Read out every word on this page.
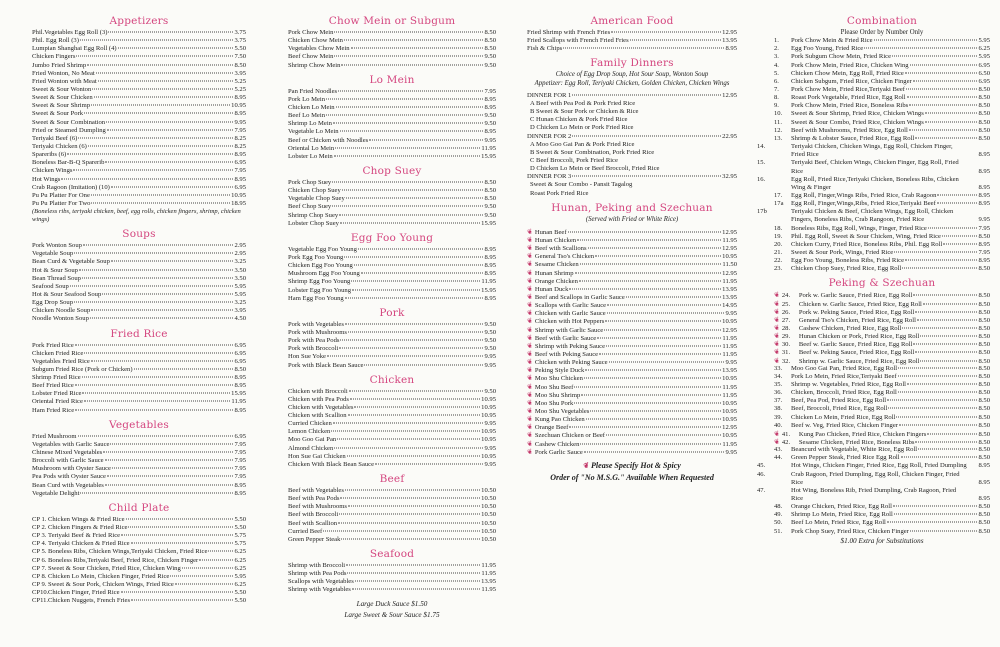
Appetizers
Phil.Vegetables Egg Roll (3)	3.75
Phil. Egg Roll (3)	3.75
Lumpian Shanghai Egg Roll (4)	5.50
Chicken Fingers	7.50
Jumbo Fried Shrimp	8.50
Fried Wonton, No Meat	3.95
Fried Wonton with Meat	5.25
Sweet & Sour Wonton	5.25
Sweet & Sour Chicken	8.95
Sweet & Sour Shrimp	10.95
Sweet & Sour Pork	8.95
Sweet & Sour Combination	9.95
Fried or Steamed Dumpling	7.95
Teriyaki Beef (6)	8.25
Teriyaki Chicken (6)	8.25
Spareribs (6)	8.95
Boneless Bar-B-Q Sparerib	6.95
Chicken Wings	7.95
Hot Wings	8.95
Crab Ragoon (Imitation) (10)	6.95
Pu Pu Platter For One	10.95
Pu Pu Platter For Two	18.95
(Boneless ribs, teriyaki chicken, beef, egg rolls, chicken fingers, shrimp, chicken wings)
Soups
Pork Wonton Soup	2.95
Vegetable Soup	2.95
Bean Curd & Vegetable Soup	3.25
Hot & Sour Soup	3.50
Bean Thread Soup	3.50
Seafood Soup	5.95
Hot & Sour Seafood Soup	5.95
Egg Drop Soup	3.25
Chicken Noodle Soup	3.95
Noodle Wonton Soup	4.50
Fried Rice
Pork Fried Rice	6.95
Chicken Fried Rice	6.95
Vegetables Fried Rice	6.95
Subgum Fried Rice (Pork or Chicken)	8.50
Shrimp Fried Rice	8.95
Beef Fried Rice	8.95
Lobster Fried Rice	15.95
Oriental Fried Rice	11.95
Ham Fried Rice	8.95
Vegetables
Fried Mushroom	6.95
Vegetables with Garlic Sauce	7.95
Chinese Mixed Vegetables	7.95
Broccoli with Garlic Sauce	7.95
Mushroom with Oyster Sauce	7.95
Pea Pods with Oyster Sauce	7.95
Bean Curd with Vegetables	8.95
Vegetable Delight	8.95
Child Plate
CP 1. Chicken Wings & Fried Rice	5.50
CP 2. Chicken Fingers & Fried Rice	5.50
CP 3. Teriyaki Beef & Fried Rice	5.75
CP 4. Teriyaki Chicken & Fried Rice	5.75
CP 5. Boneless Ribs, Chicken Wings,Teriyaki Chicken, Fried Rice	6.25
CP 6. Boneless Ribs,Teriyaki Beef, Fried Rice, Chicken Finger	6.25
CP 7. Sweet & Sour Chicken, Fried Rice, Chicken Wing	6.25
CP 8. Chicken Lo Mein, Chicken Finger, Fried Rice	5.95
CP 9. Sweet & Sour Pork, Chicken Wings, Fried Rice	6.25
CP10.Chicken Finger, Fried Rice	5.50
CP11.Chicken Nuggets, French Fries	5.50
Chow Mein or Subgum
Pork Chow Mein	8.50
Chicken Chow Mein	8.50
Vegetables Chow Mein	8.50
Beef Chow Mein	9.50
Shrimp Chow Mein	9.50
Lo Mein
Pan Fried Noodles	7.95
Pork Lo Mein	8.95
Chicken Lo Mein	8.95
Beef Lo Mein	9.50
Shrimp Lo Mein	9.50
Vegetable Lo Mein	8.95
Beef or Chicken with Noodles	9.95
Oriental Lo Mein	11.95
Lobster Lo Mein	15.95
Chop Suey
Pork Chop Suey	8.50
Chicken Chop Suey	8.50
Vegetable Chop Suey	8.50
Beef Chop Suey	9.50
Shrimp Chop Suey	9.50
Lobster Chop Suey	15.95
Egg Foo Young
Vegetable Egg Foo Young	8.95
Pork Egg Foo Young	8.95
Chicken Egg Foo Young	8.95
Mushroom Egg Foo Young	8.95
Shrimp Egg Foo Young	11.95
Lobster Egg Foo Young	15.95
Ham Egg Foo Young	8.95
Pork
Pork with Vegetables	9.50
Pork with Mushrooms	9.50
Pork with Pea Pods	9.50
Pork with Broccoli	9.50
Hon Sue Yoke	9.95
Pork with Black Bean Sauce	9.95
Chicken
Chicken with Broccoli	9.50
Chicken with Pea Pods	10.95
Chicken with Vegetables	10.95
Chicken with Scallion	10.95
Curried Chicken	9.95
Lemon Chicken	10.95
Moo Goo Gai Pan	10.95
Almond Chicken	9.95
Hon Sue Gai Chicken	10.95
Chicken With Black Bean Sauce	9.95
Beef
Beef with Vegetables	10.50
Beef with Pea Pods	10.50
Beef with Mushrooms	10.50
Beef with Broccoli	10.50
Beef with Scallion	10.50
Curried Beef	10.50
Green Pepper Steak	10.50
Seafood
Shrimp with Broccoli	11.95
Shrimp with Pea Pods	11.95
Scallops with Vegetables	13.95
Shrimp with Vegetables	11.95
Large Duck Sauce $1.50
Large Sweet & Sour Sauce $1.75
American Food
Fried Shrimp with French Fries	12.95
Fried Scallops with French Fried Fries	13.95
Fish & Chips	8.95
Family Dinners
Choice of Egg Drop Soup, Hot Sour Soup, Wonton Soup
Appetizer: Egg Roll, Teriyaki Chicken, Golden Chicken, Chicken Wings
DINNER FOR 1	12.95
A Beef with Pea Pod & Pork Fried Rice
B Sweet & Sour Pork or Chicken & Rice
C Hunan Chicken & Pork Fried Rice
D Chicken Lo Mein or Pork Fried Rice
DINNER FOR 2	22.95
A Moo Goo Gai Pan & Pork Fried Rice
B Sweet & Sour Combination, Pork Fried Rice
C Beef Broccoli, Pork Fried Rice
D Chicken Lo Mein or Beef Broccoli, Fried Rice
DINNER FOR 3	32.95
Sweet & Sour Combo - Pansit Tagalog
Roast Pork Fried Rice
Hunan, Peking and Szechuan
(Served with Fried or White Rice)
❦Hunan Beef	12.95
❦Hunan Chicken	11.95
❦Beef with Scallions	12.95
❦General Tso's Chicken	10.95
❦Sesame Chicken	11.50
❦Hunan Shrimp	12.95
❦Orange Chicken	11.95
❦Hunan Duck	13.95
❦Beef and Scallops in Garlic Sauce	13.95
❦Scallops with Garlic Sauce	14.95
❦Chicken with Garlic Sauce	9.95
❦Chicken with Hot Peppers	10.95
❦Shrimp with Garlic Sauce	12.95
❦Beef with Garlic Sauce	11.95
❦Shrimp with Peking Sauce	11.95
❦Beef with Peking Sauce	11.95
❦Chicken with Peking Sauce	9.95
❦Peking Style Duck	13.95
❦Moo Shu Chicken	10.95
❦Moo Shu Beef	11.95
❦Moo Shu Shrimp	11.95
❦Moo Shu Pork	10.95
❦Moo Shu Vegetables	10.95
❦Kung Pao Chicken	10.95
❦Orange Beef	12.95
❦Szechuan Chicken or Beef	10.95
❦Cashew Chicken	11.95
❦Pork Garlic Sauce	9.95
❦Please Specify Hot & Spicy
Order of "No M.S.G." Available When Requested
Combination
Please Order by Number Only
1. Pork Chow Mein & Fried Rice	5.95
2. Egg Foo Young, Fried Rice	6.25
3. Pork Subgum Chow Mein, Fried Rice	5.95
4. Pork Chow Mein, Fried Rice, Chicken Wing	6.95
5. Chicken Chow Mein, Egg Roll, Fried Rice	6.50
6. Chicken Subgum, Fried Rice, Chicken Finger	6.95
7. Pork Chow Mein, Fried Rice,Teriyaki Beef	8.50
8. Roast Pork Vegetable, Fried Rice, Egg Roll	8.50
9. Pork Chow Mein, Fried Rice, Boneless Ribs	8.50
10. Sweet & Sour Shrimp, Fried Rice, Chicken Wings	8.50
11. Sweet & Sour Combo, Fried Rice, Chicken Wings	8.50
12. Beef with Mushrooms, Fried Rice, Egg Roll	8.50
13. Shrimp & Lobster Sauce, Fried Rice, Egg Roll	8.50
14.	Teriyaki Chicken, Chicken Wings, Egg Roll, Chicken Finger, Fried Rice	8.95
15.	Teriyaki Beef, Chicken Wings, Chicken Finger, Egg Roll, Fried Rice	8.95
16.	Egg Roll, Fried Rice,Teriyaki Chicken, Boneless Ribs, Chicken Wing & Finger	8.95
17. Egg Roll, Finger,Wings Ribs, Fried Rice, Crab Ragoon	8.95
17a Egg Roll, Finger,Wings,Ribs, Fried Rice,Teriyaki Beef	8.95
17b	Teriyaki Chicken & Beef, Chicken Wings, Egg Roll, Chicken Fingers, Boneless Ribs, Crab Rangoon, Fried Rice	9.95
18. Boneless Ribs, Egg Roll, Wings, Finger, Fried Rice	7.95
19. Phil. Egg Roll, Sweet & Sour Chicken, Wing, Fried Rice	8.50
20. Chicken Curry, Fried Rice, Boneless Ribs, Phil. Egg Roll	8.95
21. Sweet & Sour Pork, Wings, Fried Rice	7.95
22. Egg Foo Young, Boneless Ribs, Fried Rice	8.95
23. Chicken Chop Suey, Fried Rice, Egg Roll	8.50
Peking & Szechuan
❦24. Pork w. Garlic Sauce, Fried Rice, Egg Roll	8.50
❦25. Chicken w. Garlic Sauce, Fried Rice, Egg Roll	8.50
❦26. Pork w. Peking Sauce, Fried Rice, Egg Roll	8.50
❦27. General Tso's Chicken, Fried Rice, Egg Roll	8.50
❦28. Cashew Chicken, Fried Rice, Egg Roll	8.50
❦29. Hunan Chicken or Pork, Fried Rice, Egg Roll	8.50
❦30. Beef w. Garlic Sauce, Fried Rice, Egg Roll	8.50
❦31. Beef w. Peking Sauce, Fried Rice, Egg Roll	8.50
❦32. Shrimp w. Garlic Sauce, Fried Rice, Egg Roll	8.50
33. Moo Goo Gai Pan, Fried Rice, Egg Roll	8.50
34. Pork Lo Mein, Fried Rice,Teriyaki Beef	8.50
35. Shrimp w. Vegetables, Fried Rice, Egg Roll	8.50
36. Chicken, Broccoli, Fried Rice, Egg Roll	8.50
37. Beef, Pea Pod, Fried Rice, Egg Roll	8.50
38. Beef, Broccoli, Fried Rice, Egg Roll	8.50
39. Chicken Lo Mein, Fried Rice, Egg Roll	8.50
40. Beef w. Veg, Fried Rice, Chicken Finger	8.50
❦41. Kung Pao Chicken, Fried Rice, Chicken Fingers	8.50
❦42. Sesame Chicken, Fried Rice, Boneless Ribs	8.50
43. Beancurd with Vegetable, White Rice, Egg Roll	8.50
44. Green Pepper Steak, Fried Rice Egg Roll	8.50
45.	Hot Wings, Chicken Finger, Fried Rice, Egg Roll, Fried Dumpling 8.95
46.	Crab Ragoon, Fried Dumpling, Egg Roll, Chicken Finger, Fried Rice	8.95
47.	Hot Wing, Boneless Rib, Fried Dumpling, Crab Ragoon, Fried Rice	8.95
48. Orange Chicken, Fried Rice, Egg Roll	8.50
49. Shrimp Lo Mein, Fried Rice, Egg Roll	8.50
50. Beef Lo Mein, Fried Rice, Egg Roll	8.50
51. Pork Chop Suey, Fried Rice, Chicken Finger	8.50
$1.00 Extra for Substitutions
